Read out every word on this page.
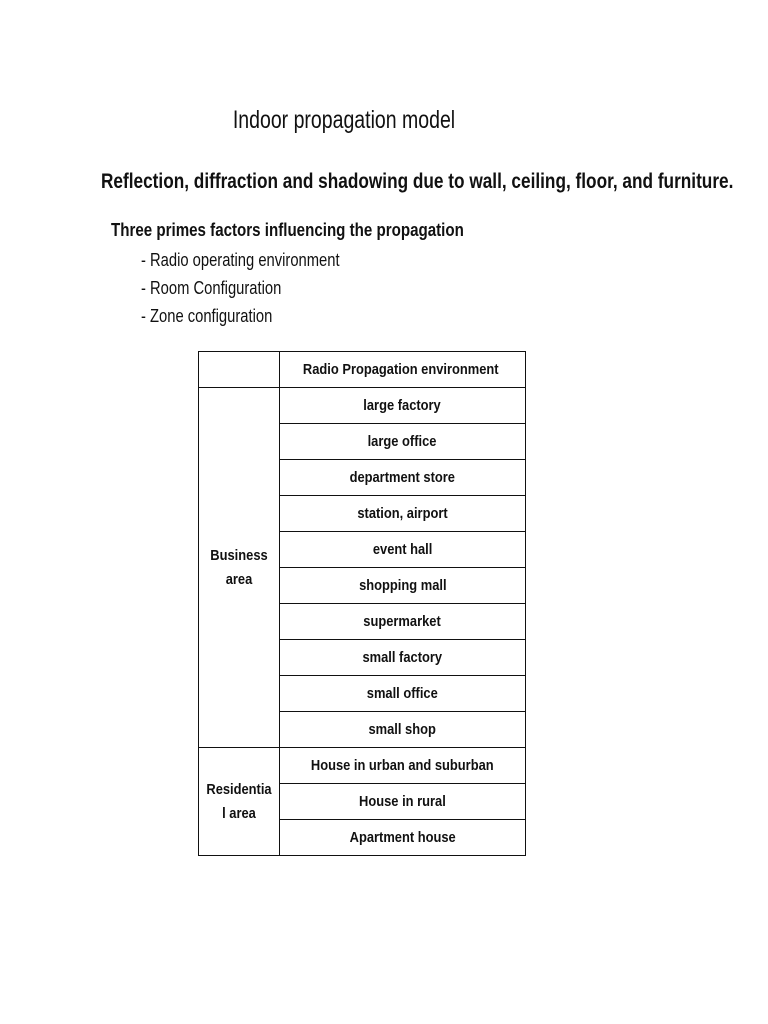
Indoor propagation model
Reflection, diffraction and shadowing due to wall, ceiling, floor, and furniture.
Three primes factors influencing the propagation
- Radio operating environment
- Room Configuration
- Zone configuration
	Radio Propagation environment
Business
area	large factory
	large office
	department store
	station, airport
	event hall
	shopping mall
	supermarket
	small factory
	small office
	small shop
Residentia
l area	House in urban and suburban
	House in rural
	Apartment house
